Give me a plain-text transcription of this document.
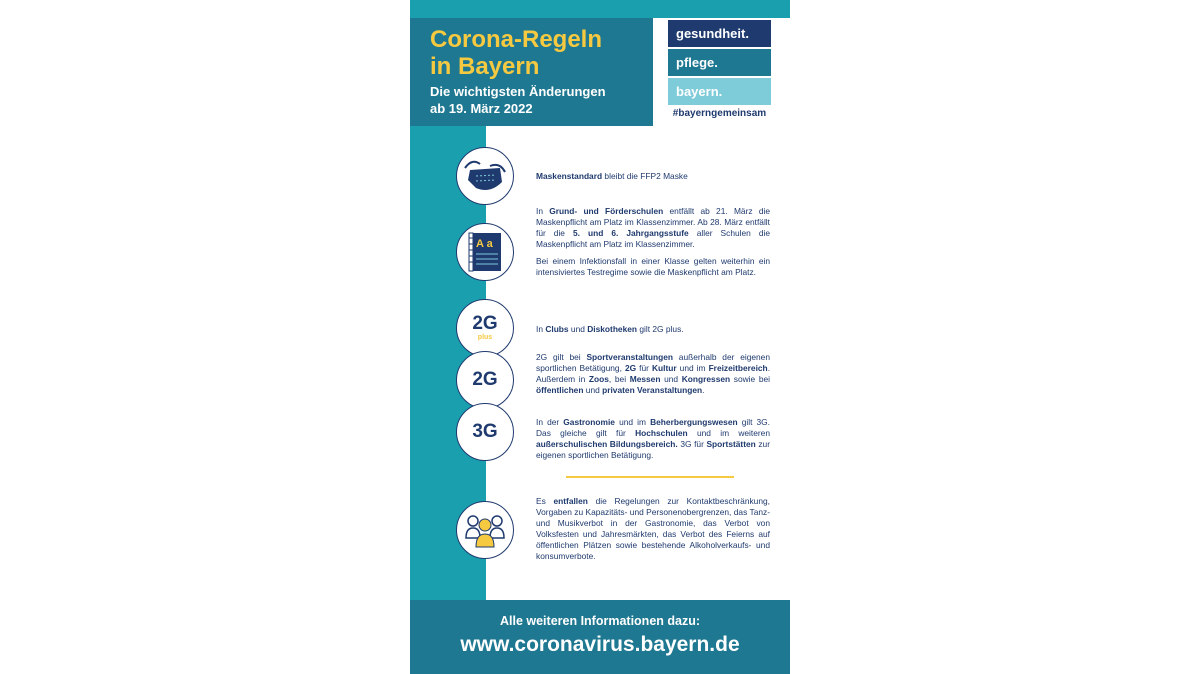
Corona-Regeln
in Bayern

Die wichtigsten Änderungen
ab 19. März 2022

gesundheit.
pflege.
bayern.
#bayerngemeinsam
A a
2G
plus
2G
3G

Maskenstandard bleibt die FFP2 Maske

In Grund- und Förderschulen entfällt ab 21. März die Maskenpflicht am Platz im Klassenzimmer. Ab 28. März entfällt für die 5. und 6. Jahrgangsstufe aller Schulen die Maskenpflicht am Platz im Klassenzimmer.

Bei einem Infektionsfall in einer Klasse gelten weiterhin ein intensiviertes Testregime sowie die Maskenpflicht am Platz.

In Clubs und Diskotheken gilt 2G plus.

2G gilt bei Sportveranstaltungen außerhalb der eigenen sportlichen Betätigung, 2G für Kultur und im Freizeitbereich. Außerdem in Zoos, bei Messen und Kongressen sowie bei öffentlichen und privaten Veranstaltungen.

In der Gastronomie und im Beherbergungswesen gilt 3G. Das gleiche gilt für Hochschulen und im weiteren außerschulischen Bildungsbereich. 3G für Sportstätten zur eigenen sportlichen Betätigung.

Es entfallen die Regelungen zur Kontaktbeschränkung, Vorgaben zu Kapazitäts- und Personenobergrenzen, das Tanz- und Musikverbot in der Gastronomie, das Verbot von Volksfesten und Jahresmärkten, das Verbot des Feierns auf öffentlichen Plätzen sowie bestehende Alkoholverkaufs- und konsumverbote.

Alle weiteren Informationen dazu:
www.coronavirus.bayern.de
